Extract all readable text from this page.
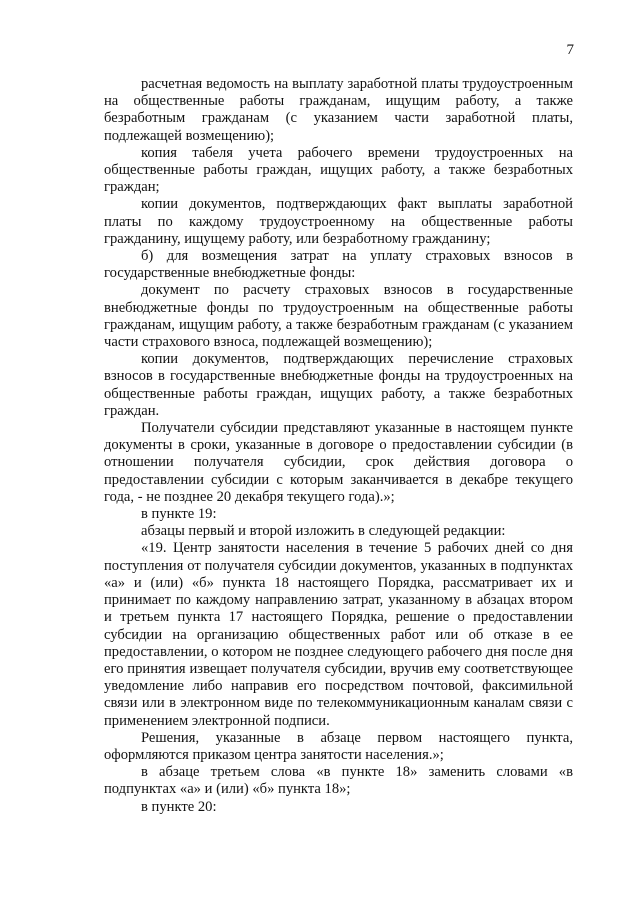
7

расчетная ведомость на выплату заработной платы трудоустроенным на общественные работы гражданам, ищущим работу, а также безработным гражданам (с указанием части заработной платы, подлежащей возмещению);

копия табеля учета рабочего времени трудоустроенных на общественные работы граждан, ищущих работу, а также безработных граждан;

копии документов, подтверждающих факт выплаты заработной платы по каждому трудоустроенному на общественные работы гражданину, ищущему работу, или безработному гражданину;

б) для возмещения затрат на уплату страховых взносов в государственные внебюджетные фонды:

документ по расчету страховых взносов в государственные внебюджетные фонды по трудоустроенным на общественные работы гражданам, ищущим работу, а также безработным гражданам (с указанием части страхового взноса, подлежащей возмещению);

копии документов, подтверждающих перечисление страховых взносов в государственные внебюджетные фонды на трудоустроенных на общественные работы граждан, ищущих работу, а также безработных граждан.

Получатели субсидии представляют указанные в настоящем пункте документы в сроки, указанные в договоре о предоставлении субсидии (в отношении получателя субсидии, срок действия договора о предоставлении субсидии с которым заканчивается в декабре текущего года, - не позднее 20 декабря текущего года).»;

в пункте 19:

абзацы первый и второй изложить в следующей редакции:

«19. Центр занятости населения в течение 5 рабочих дней со дня поступления от получателя субсидии документов, указанных в подпунктах «а» и (или) «б» пункта 18 настоящего Порядка, рассматривает их и принимает по каждому направлению затрат, указанному в абзацах втором и третьем пункта 17 настоящего Порядка, решение о предоставлении субсидии на организацию общественных работ или об отказе в ее предоставлении, о котором не позднее следующего рабочего дня после дня его принятия извещает получателя субсидии, вручив ему соответствующее уведомление либо направив его посредством почтовой, факсимильной связи или в электронном виде по телекоммуникационным каналам связи с применением электронной подписи.

Решения, указанные в абзаце первом настоящего пункта, оформляются приказом центра занятости населения.»;

в абзаце третьем слова «в пункте 18» заменить словами «в подпунктах «а» и (или) «б» пункта 18»;

в пункте 20:
